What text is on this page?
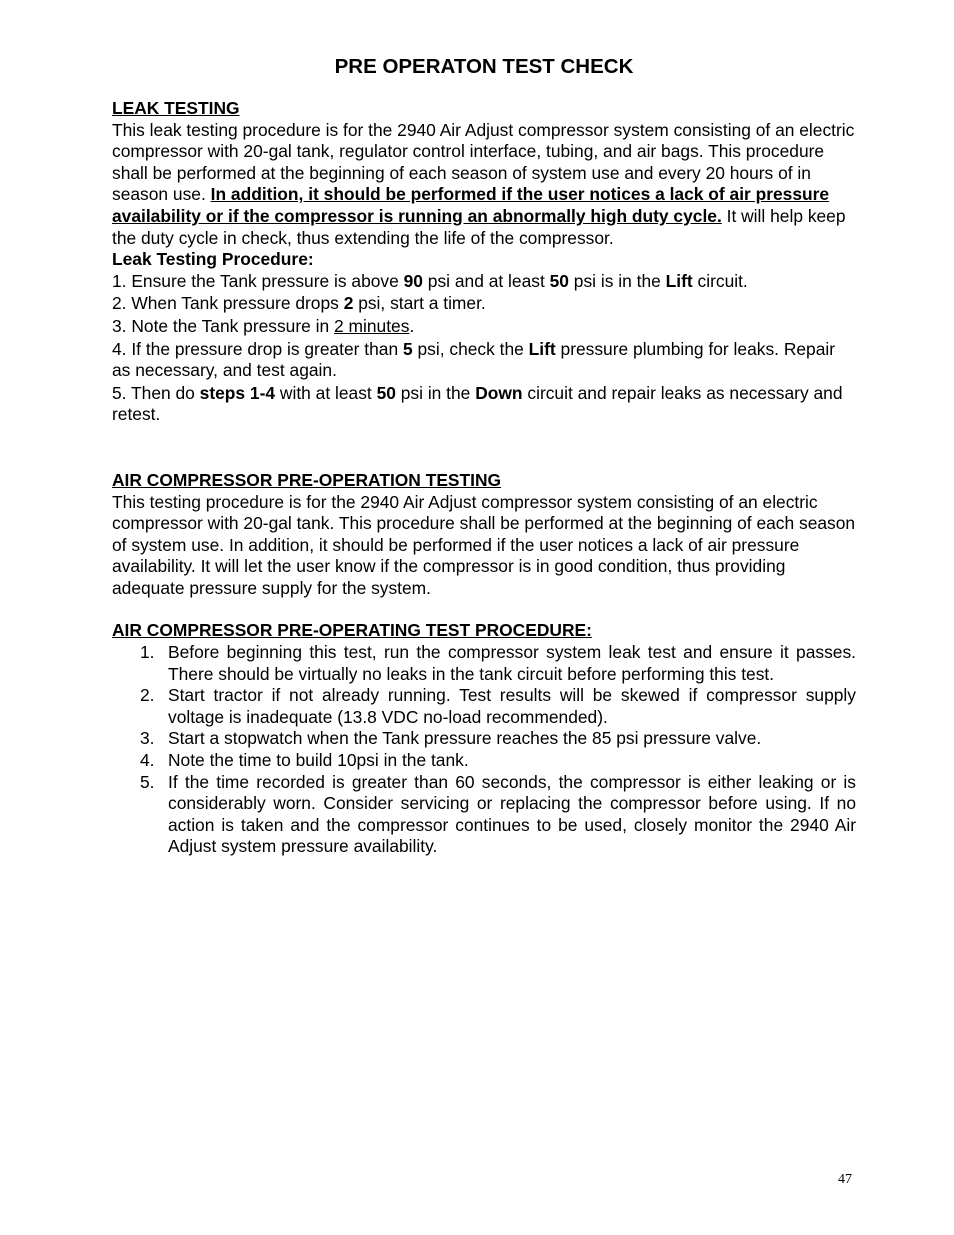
PRE OPERATON TEST CHECK
LEAK TESTING

This leak testing procedure is for the 2940 Air Adjust compressor system consisting of an electric compressor with 20-gal tank, regulator control interface, tubing, and air bags. This procedure shall be performed at the beginning of each season of system use and every 20 hours of in season use. In addition, it should be performed if the user notices a lack of air pressure availability or if the compressor is running an abnormally high duty cycle. It will help keep the duty cycle in check, thus extending the life of the compressor.

Leak Testing Procedure:

1. Ensure the Tank pressure is above 90 psi and at least 50 psi is in the Lift circuit.

2. When Tank pressure drops 2 psi, start a timer.

3. Note the Tank pressure in 2 minutes.

4. If the pressure drop is greater than 5 psi, check the Lift pressure plumbing for leaks. Repair as necessary, and test again.

5. Then do steps 1-4 with at least 50 psi in the Down circuit and repair leaks as necessary and retest.

AIR COMPRESSOR PRE-OPERATION TESTING

This testing procedure is for the 2940 Air Adjust compressor system consisting of an electric compressor with 20-gal tank. This procedure shall be performed at the beginning of each season of system use. In addition, it should be performed if the user notices a lack of air pressure availability. It will let the user know if the compressor is in good condition, thus providing adequate pressure supply for the system.

AIR COMPRESSOR PRE-OPERATING TEST PROCEDURE:
1. Before beginning this test, run the compressor system leak test and ensure it passes. There should be virtually no leaks in the tank circuit before performing this test.
2. Start tractor if not already running. Test results will be skewed if compressor supply voltage is inadequate (13.8 VDC no-load recommended).
3. Start a stopwatch when the Tank pressure reaches the 85 psi pressure valve.
4. Note the time to build 10psi in the tank.
5. If the time recorded is greater than 60 seconds, the compressor is either leaking or is considerably worn. Consider servicing or replacing the compressor before using. If no action is taken and the compressor continues to be used, closely monitor the 2940 Air Adjust system pressure availability.
47
